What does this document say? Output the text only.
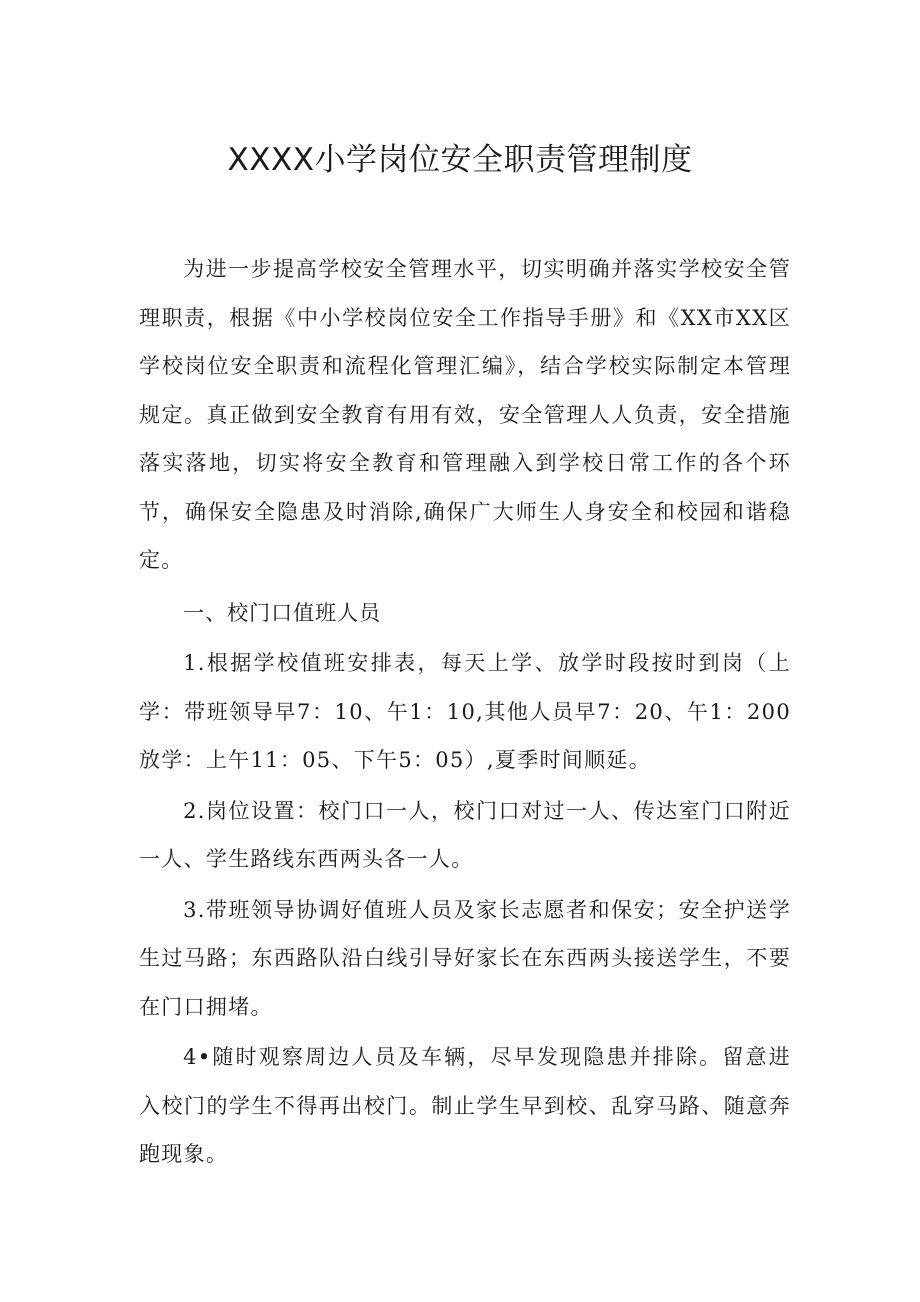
XXXX小学岗位安全职责管理制度

为进一步提高学校安全管理水平，切实明确并落实学校安全管理职责，根据《中小学校岗位安全工作指导手册》和《XX市XX区学校岗位安全职责和流程化管理汇编》，结合学校实际制定本管理规定。真正做到安全教育有用有效，安全管理人人负责，安全措施落实落地，切实将安全教育和管理融入到学校日常工作的各个环节，确保安全隐患及时消除,确保广大师生人身安全和校园和谐稳定。

一、校门口值班人员

1.根据学校值班安排表，每天上学、放学时段按时到岗（上学：带班领导早7：10、午1：10,其他人员早7：20、午1：200放学：上午11：05、下午5：05）,夏季时间顺延。

2.岗位设置：校门口一人，校门口对过一人、传达室门口附近一人、学生路线东西两头各一人。

3.带班领导协调好值班人员及家长志愿者和保安；安全护送学生过马路；东西路队沿白线引导好家长在东西两头接送学生，不要在门口拥堵。

4•随时观察周边人员及车辆，尽早发现隐患并排除。留意进入校门的学生不得再出校门。制止学生早到校、乱穿马路、随意奔跑现象。
